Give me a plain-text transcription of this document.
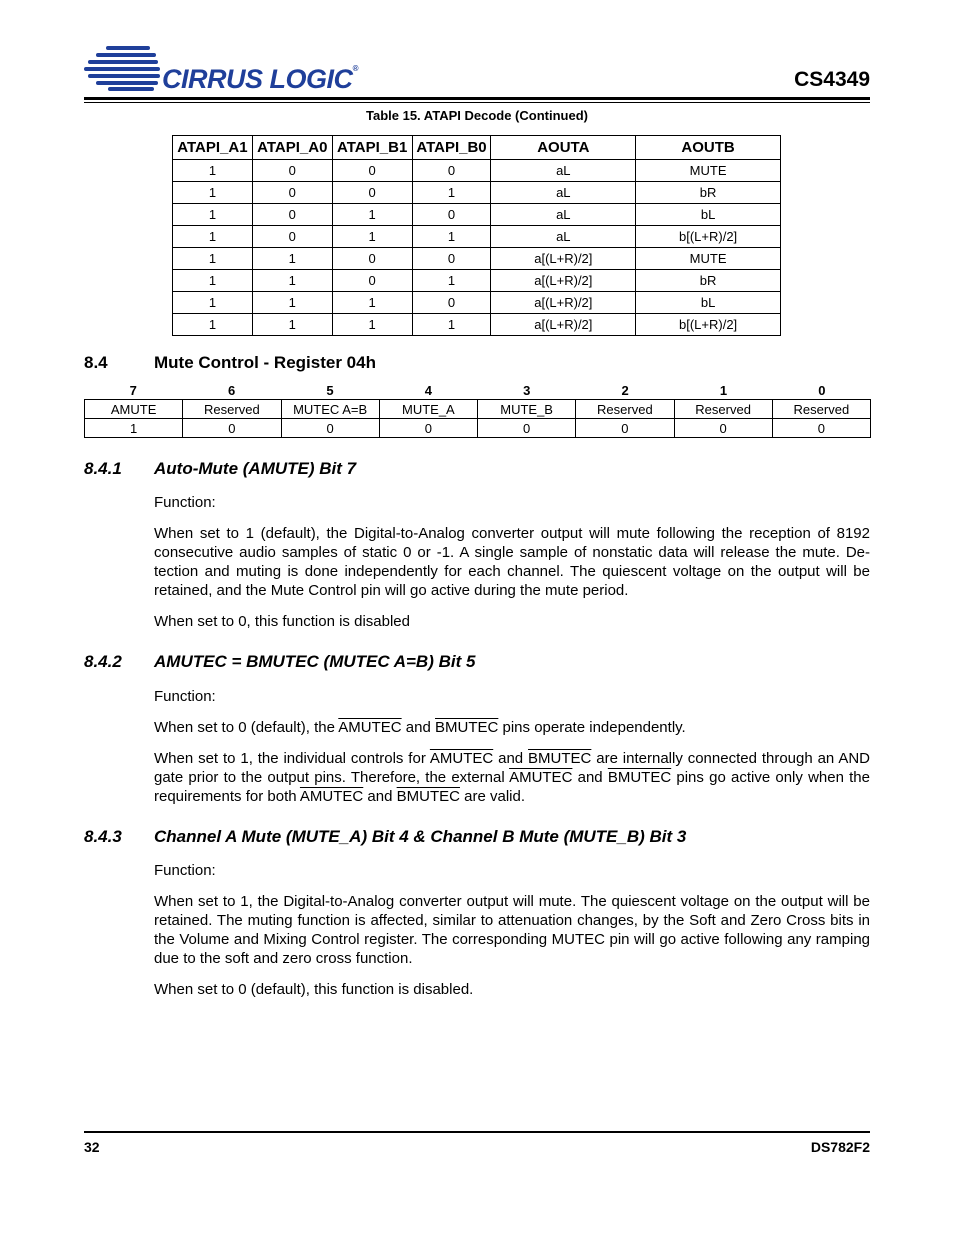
CIRRUS LOGIC®	CS4349
Table 15. ATAPI Decode (Continued)
ATAPI_A1	ATAPI_A0	ATAPI_B1	ATAPI_B0	AOUTA	AOUTB
1	0	0	0	aL	MUTE
1	0	0	1	aL	bR
1	0	1	0	aL	bL
1	0	1	1	aL	b[(L+R)/2]
1	1	0	0	a[(L+R)/2]	MUTE
1	1	0	1	a[(L+R)/2]	bR
1	1	1	0	a[(L+R)/2]	bL
1	1	1	1	a[(L+R)/2]	b[(L+R)/2]
8.4	Mute Control - Register 04h
7	6	5	4	3	2	1	0
AMUTE	Reserved	MUTEC A=B	MUTE_A	MUTE_B	Reserved	Reserved	Reserved
1	0	0	0	0	0	0	0
8.4.1 Auto-Mute (AMUTE) Bit 7

Function:

When set to 1 (default), the Digital-to-Analog converter output will mute following the reception of 8192 consecutive audio samples of static 0 or -1. A single sample of nonstatic data will release the mute. De-tection and muting is done independently for each channel. The quiescent voltage on the output will be retained, and the Mute Control pin will go active during the mute period.

When set to 0, this function is disabled

8.4.2 AMUTEC = BMUTEC (MUTEC A=B) Bit 5

Function:

When set to 0 (default), the AMUTEC and BMUTEC pins operate independently.

When set to 1, the individual controls for AMUTEC and BMUTEC are internally connected through an AND gate prior to the output pins. Therefore, the external AMUTEC and BMUTEC pins go active only when the requirements for both AMUTEC and BMUTEC are valid.

8.4.3 Channel A Mute (MUTE_A) Bit 4 & Channel B Mute (MUTE_B) Bit 3

Function:

When set to 1, the Digital-to-Analog converter output will mute. The quiescent voltage on the output will be retained. The muting function is affected, similar to attenuation changes, by the Soft and Zero Cross bits in the Volume and Mixing Control register. The corresponding MUTEC pin will go active following any ramping due to the soft and zero cross function.

When set to 0 (default), this function is disabled.

32	DS782F2
